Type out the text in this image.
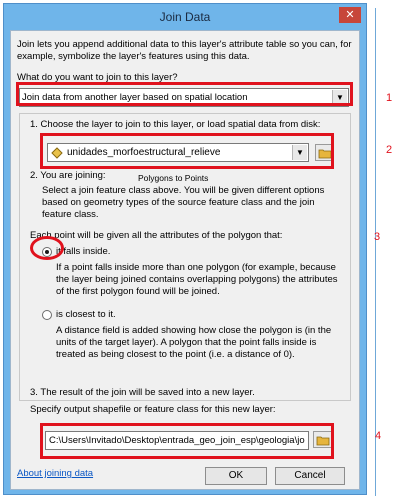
Join Data	✕
Join lets you append additional data to this layer's attribute table so you can, for example, symbolize the layer's features using this data.
What do you want to join to this layer?
Join data from another layer based on spatial location	▼
1. Choose the layer to join to this layer, or load spatial data from disk:
unidades_morfoestructural_relieve	▼
2. You are joining:	Polygons to Points
Select a join feature class above. You will be given different options based on geometry types of the source feature class and the join feature class.
Each point will be given all the attributes of the polygon that:
it falls inside.
If a point falls inside more than one polygon (for example, because the layer being joined contains overlapping polygons) the attributes of the first polygon found will be joined.
is closest to it.
A distance field is added showing how close the polygon is (in the units of the target layer). A polygon that the point falls inside is treated as being closest to the point (i.e. a distance of 0).
3. The result of the join will be saved into a new layer.
Specify output shapefile or feature class for this new layer:
C:\Users\Invitado\Desktop\entrada_geo_join_esp\geologia\jo
About joining data	OK	Cancel
1
2
3
4
